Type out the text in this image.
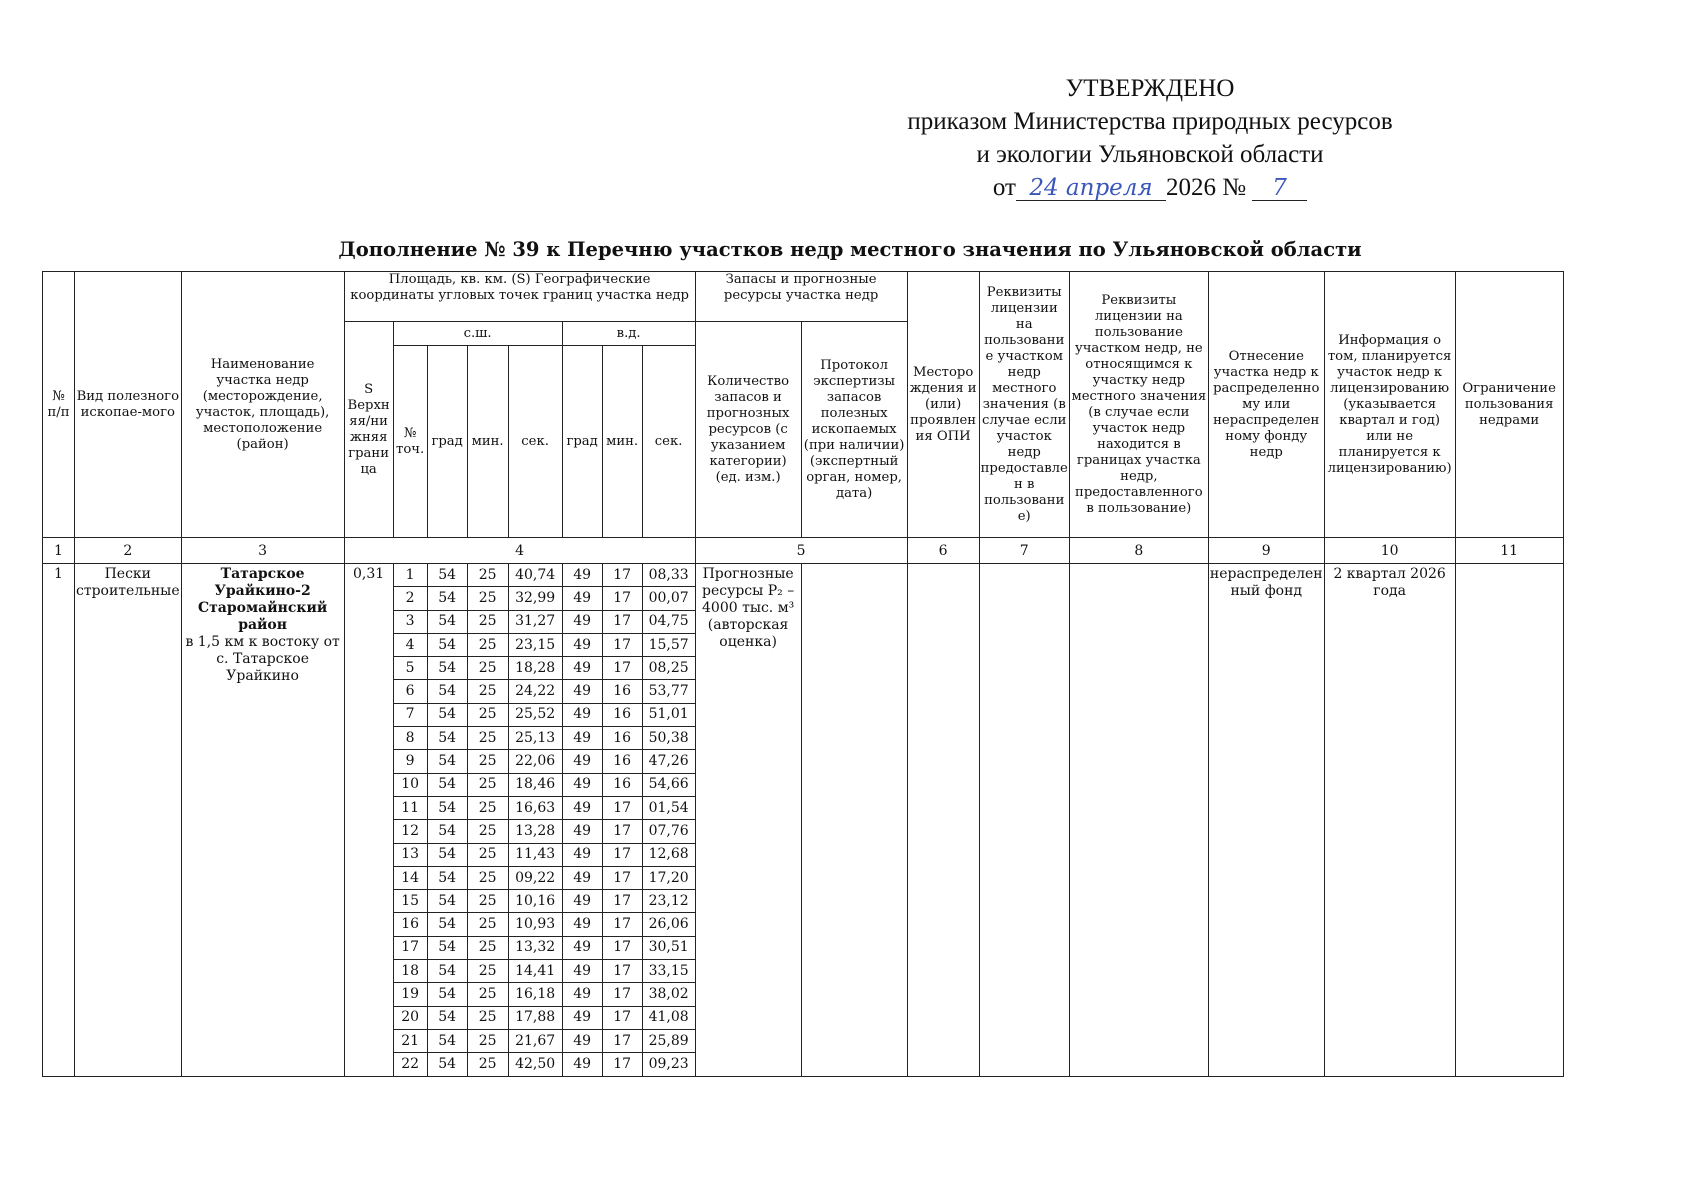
УТВЕРЖДЕНО
приказом Министерства природных ресурсов
и экологии Ульяновской области
от 24 апреля 2026 № 7
Дополнение № 39 к Перечню участков недр местного значения по Ульяновской области
№ п/п	Вид полезного ископае-мого	Наименование участка недр (месторождение, участок, площадь), местоположение (район)	Площадь, кв. км. (S) Географические координаты угловых точек границ участка недр								Запасы и прогнозные ресурсы участка недр		Месторо ждения и (или) проявлен ия ОПИ	Реквизиты лицензии на пользовани е участком недр местного значения (в случае если участок недр предоставле н в пользовани е)	Реквизиты лицензии на пользование участком недр, не относящимся к участку недр местного значения (в случае если участок недр находится в границах участка недр, предоставленного в пользование)	Отнесение участка недр к распределенно му или нераспределен ному фонду недр	Информация о том, планируется участок недр к лицензированию (указывается квартал и год) или не планируется к лицензированию)	Ограничение пользования недрами
			S Верхн яя/ни жняя грани ца	с.ш.				в.д.			Количество запасов и прогнозных ресурсов (с указанием категории) (ед. изм.)	Протокол экспертизы запасов полезных ископаемых (при наличии) (экспертный орган, номер, дата)						
				№ точ.	град	мин.	сек.	град	мин.	сек.								
1	2	3	4								5		6	7	8	9	10	11
1	Пески строительные	Татарское Урайкино-2 Старомайнский район
в 1,5 км к востоку от с. Татарское Урайкино	0,31	1	54	25	40,74	49	17	08,33	Прогнозные ресурсы Р₂ – 4000 тыс. м³ (авторская оценка)					нераспределен ный фонд	2 квартал 2026 года	
				2	54	25	32,99	49	17	00,07								
				3	54	25	31,27	49	17	04,75								
				4	54	25	23,15	49	17	15,57								
				5	54	25	18,28	49	17	08,25								
				6	54	25	24,22	49	16	53,77								
				7	54	25	25,52	49	16	51,01								
				8	54	25	25,13	49	16	50,38								
				9	54	25	22,06	49	16	47,26								
				10	54	25	18,46	49	16	54,66								
				11	54	25	16,63	49	17	01,54								
				12	54	25	13,28	49	17	07,76								
				13	54	25	11,43	49	17	12,68								
				14	54	25	09,22	49	17	17,20								
				15	54	25	10,16	49	17	23,12								
				16	54	25	10,93	49	17	26,06								
				17	54	25	13,32	49	17	30,51								
				18	54	25	14,41	49	17	33,15								
				19	54	25	16,18	49	17	38,02								
				20	54	25	17,88	49	17	41,08								
				21	54	25	21,67	49	17	25,89								
				22	54	25	42,50	49	17	09,23								
